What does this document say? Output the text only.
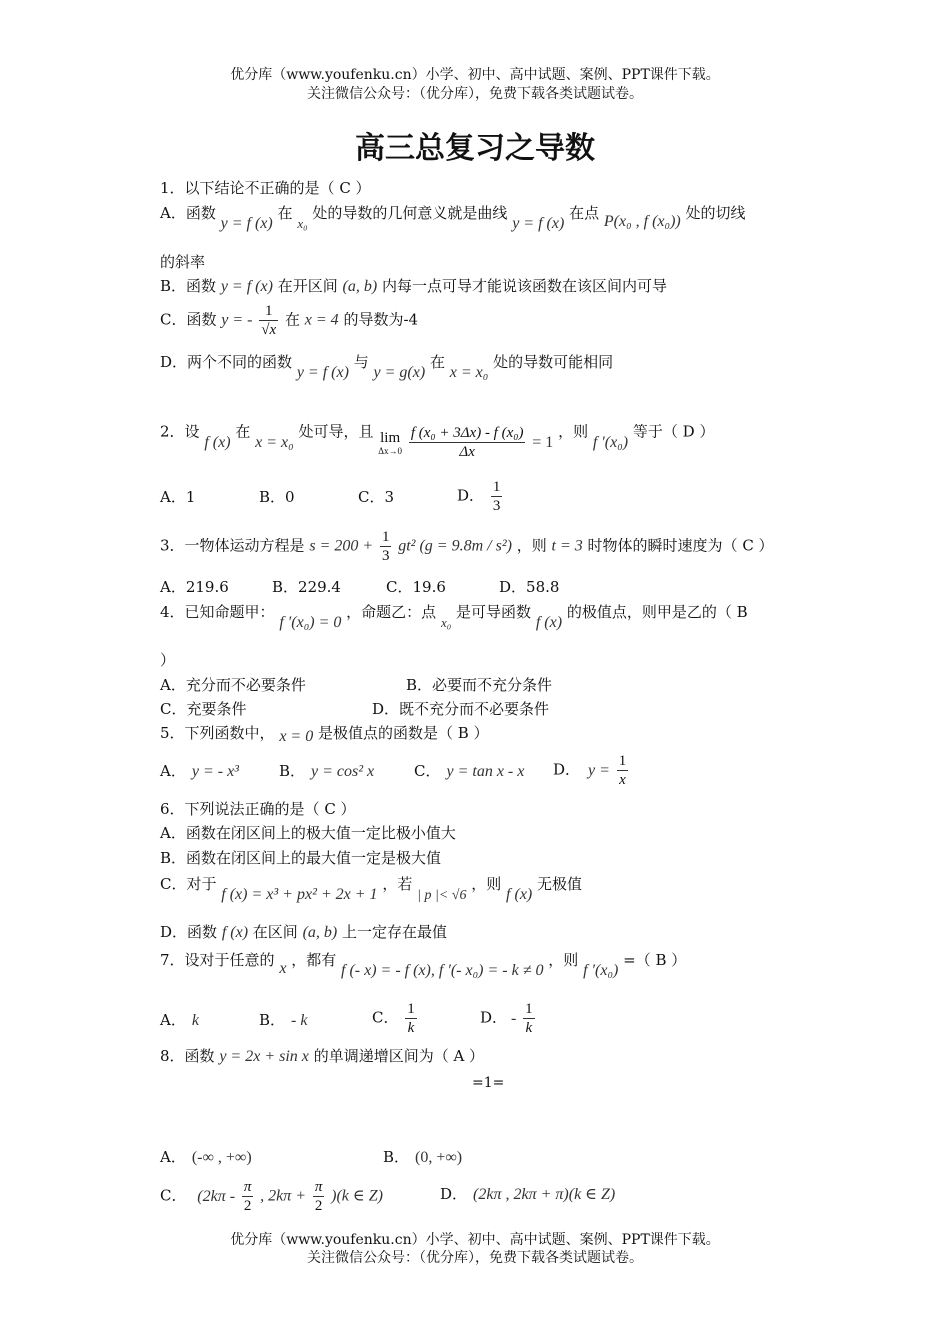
优分库（www.youfenku.cn）小学、初中、高中试题、案例、PPT课件下载。
关注微信公众号：（优分库），免费下载各类试题试卷。
高三总复习之导数
1．以下结论不正确的是（ C ）
A．函数 y = f (x) 在 x₀ 处的导数的几何意义就是曲线 y = f (x) 在点 P(x₀ , f (x₀)) 处的切线
的斜率
B．函数 y = f (x) 在开区间 (a, b) 内每一点可导才能说该函数在该区间内可导
C．函数 y = - $\frac{1}{√x}$ 在 x = 4 的导数为-4
D．两个不同的函数 y = f (x) 与 y = g(x) 在 x = x₀ 处的导数可能相同
2．设 f (x) 在 x = x₀ 处可导，且 lim
Δx→0
$\frac{\text{f (x₀ + 3Δx) - f (x₀)}}{\Delta x} = 1$ ，则 f ′(x₀) 等于（ D ）
A．1	B．0	C．3	D． $\frac{1}{3}$
3．一物体运动方程是 $s = 200 + \frac{1}{3} gt^2$ (g = 9.8m / s²) ，则 t = 3 时物体的瞬时速度为（ C ）
A．219.6	B．229.4	C．19.6	D．58.8
4．已知命题甲： f ′(x₀) = 0 ，命题乙：点 x₀ 是可导函数 f (x) 的极值点，则甲是乙的（ B
）
A．充分而不必要条件	B．必要而不充分条件
C．充要条件	D．既不充分而不必要条件
5．下列函数中， x = 0 是极值点的函数是（ B ）
A． y = - x³	B． y = cos² x	C． y = tan x - x D． $y = \frac{1}{x}$
6．下列说法正确的是（ C ）
A．函数在闭区间上的极大值一定比极小值大
B．函数在闭区间上的最大值一定是极大值
C．对于 f (x) = x³ + px² + 2x + 1 ，若 | p |< √6 ，则 f (x) 无极值
D．函数 f (x) 在区间 (a, b) 上一定存在最值
7．设对于任意的 x ，都有 f (- x) = - f (x), f ′(- x₀) = - k ≠ 0 ，则 f ′(x₀) =（ B ）
A． k	B． - k	C． $\frac{1}{k}$	D． - $\frac{1}{k}$
8．函数 y = 2x + sin x 的单调递增区间为（ A ）
=1=
A． (-∞ , +∞)	B． (0, +∞)
C． ($2k\pi - \frac{\pi}{2}$ , $2k\pi + \frac{\pi}{2} )(k$ ∈ Z)	D． (2kπ , 2kπ + π)(k ∈ Z)
优分库（www.youfenku.cn）小学、初中、高中试题、案例、PPT课件下载。
关注微信公众号：（优分库），免费下载各类试题试卷。
